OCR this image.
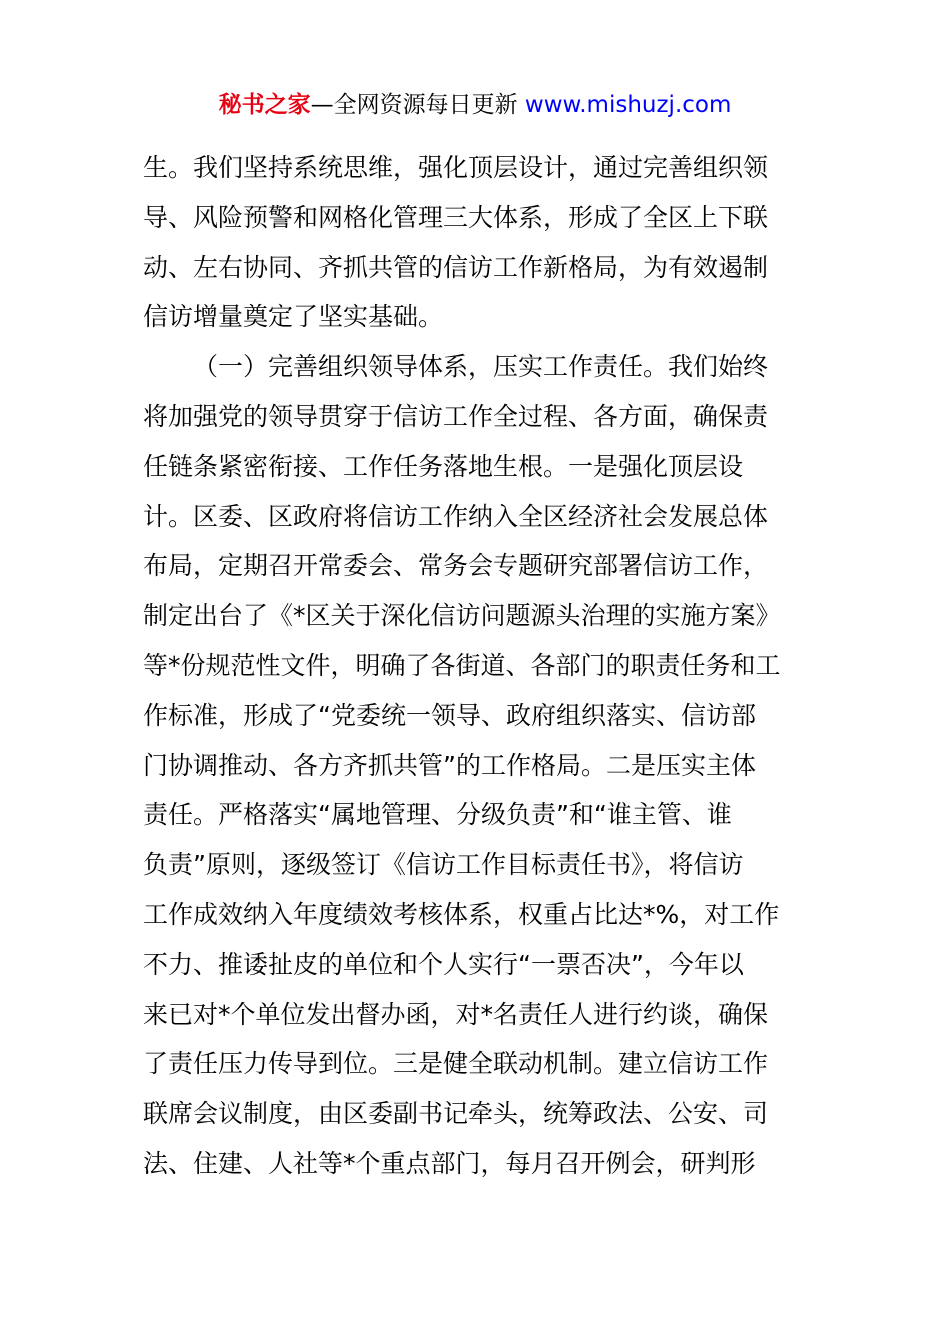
秘书之家—全网资源每日更新 www.mishuzj.com
生。我们坚持系统思维，强化顶层设计，通过完善组织领
导、风险预警和网格化管理三大体系，形成了全区上下联
动、左右协同、齐抓共管的信访工作新格局，为有效遏制
信访增量奠定了坚实基础。
（一）完善组织领导体系，压实工作责任。我们始终
将加强党的领导贯穿于信访工作全过程、各方面，确保责
任链条紧密衔接、工作任务落地生根。一是强化顶层设
计。区委、区政府将信访工作纳入全区经济社会发展总体
布局，定期召开常委会、常务会专题研究部署信访工作，
制定出台了《*区关于深化信访问题源头治理的实施方案》
等*份规范性文件，明确了各街道、各部门的职责任务和工
作标准，形成了“党委统一领导、政府组织落实、信访部
门协调推动、各方齐抓共管”的工作格局。二是压实主体
责任。严格落实“属地管理、分级负责”和“谁主管、谁
负责”原则，逐级签订《信访工作目标责任书》，将信访
工作成效纳入年度绩效考核体系，权重占比达*%，对工作
不力、推诿扯皮的单位和个人实行“一票否决”，今年以
来已对*个单位发出督办函，对*名责任人进行约谈，确保
了责任压力传导到位。三是健全联动机制。建立信访工作
联席会议制度，由区委副书记牵头，统筹政法、公安、司
法、住建、人社等*个重点部门，每月召开例会，研判形
